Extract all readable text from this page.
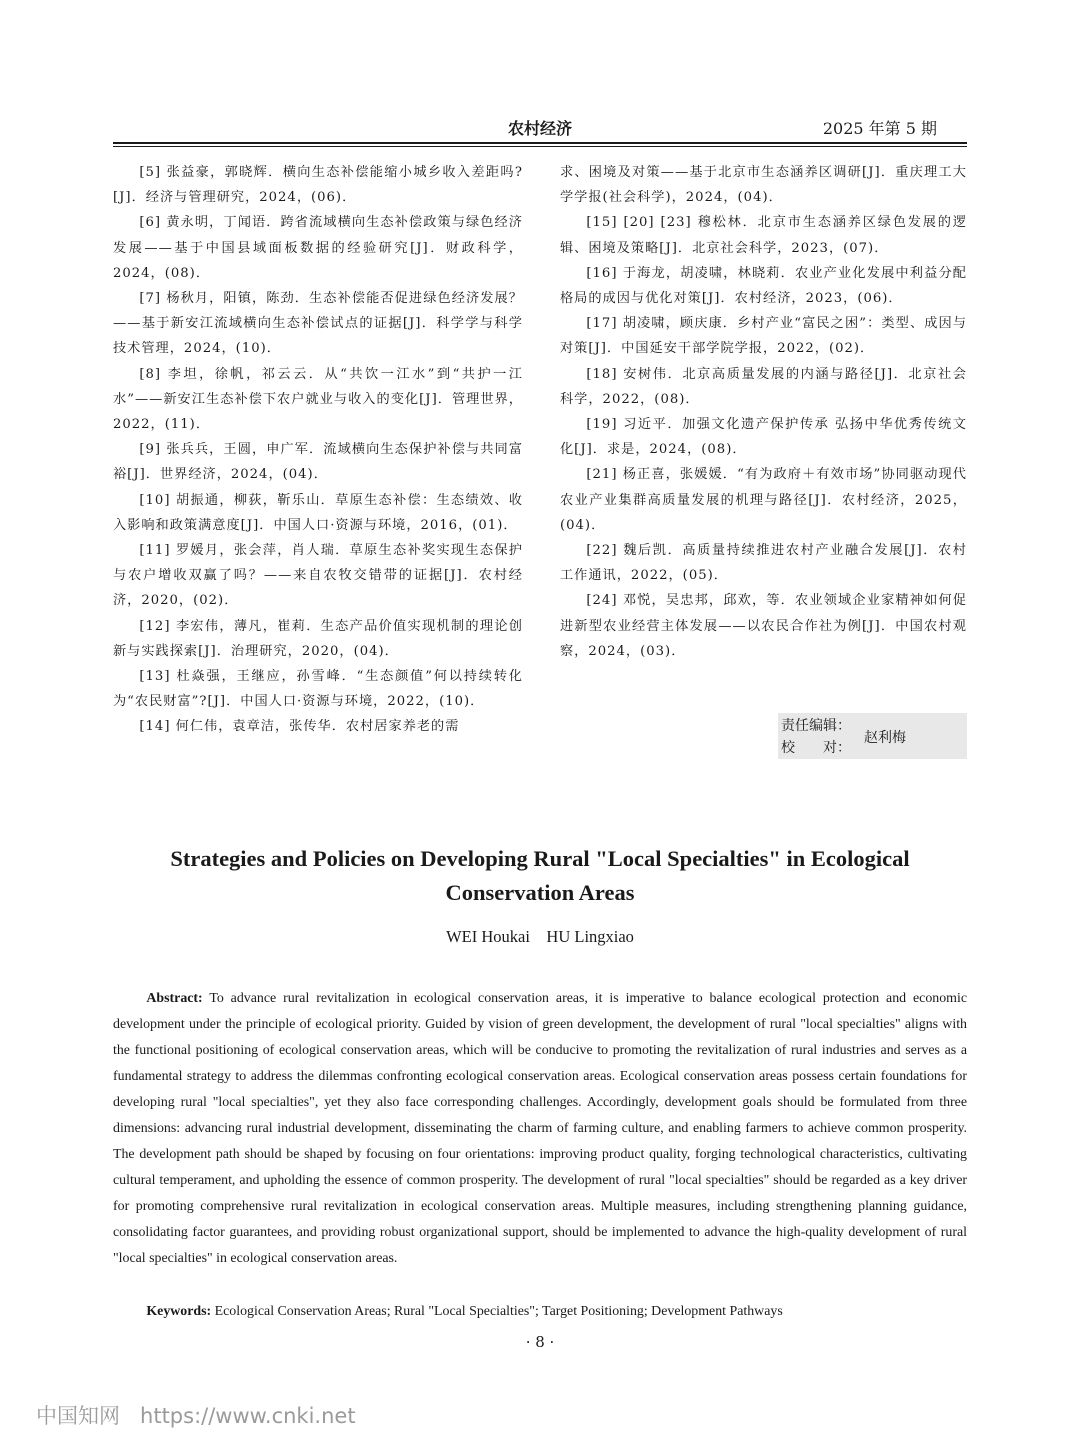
农村经济	2025 年第 5 期

[5] 张益豪，郭晓辉．横向生态补偿能缩小城乡收入差距吗?[J]．经济与管理研究，2024，(06)．

[6] 黄永明，丁闻语．跨省流域横向生态补偿政策与绿色经济发展——基于中国县域面板数据的经验研究[J]．财政科学，2024，(08)．

[7] 杨秋月，阳镇，陈劲．生态补偿能否促进绿色经济发展？——基于新安江流域横向生态补偿试点的证据[J]．科学学与科学技术管理，2024，(10)．

[8] 李坦，徐帆，祁云云．从“共饮一江水”到“共护一江水”——新安江生态补偿下农户就业与收入的变化[J]．管理世界，2022，(11)．

[9] 张兵兵，王圆，申广军．流域横向生态保护补偿与共同富裕[J]．世界经济，2024，(04)．

[10] 胡振通，柳荻，靳乐山．草原生态补偿：生态绩效、收入影响和政策满意度[J]．中国人口·资源与环境，2016，(01)．

[11] 罗媛月，张会萍，肖人瑞．草原生态补奖实现生态保护与农户增收双赢了吗？——来自农牧交错带的证据[J]．农村经济，2020，(02)．

[12] 李宏伟，薄凡，崔莉．生态产品价值实现机制的理论创新与实践探索[J]．治理研究，2020，(04)．

[13] 杜焱强，王继应，孙雪峰．“生态颜值”何以持续转化为“农民财富”?[J]．中国人口·资源与环境，2022，(10)．

[14] 何仁伟，袁章洁，张传华．农村居家养老的需

求、困境及对策——基于北京市生态涵养区调研[J]．重庆理工大学学报(社会科学)，2024，(04)．

[15] [20] [23] 穆松林．北京市生态涵养区绿色发展的逻辑、困境及策略[J]．北京社会科学，2023，(07)．

[16] 于海龙，胡凌啸，林晓莉．农业产业化发展中利益分配格局的成因与优化对策[J]．农村经济，2023，(06)．

[17] 胡凌啸，顾庆康．乡村产业“富民之困”：类型、成因与对策[J]．中国延安干部学院学报，2022，(02)．

[18] 安树伟．北京高质量发展的内涵与路径[J]．北京社会科学，2022，(08)．

[19] 习近平．加强文化遗产保护传承 弘扬中华优秀传统文化[J]．求是，2024，(08)．

[21] 杨正喜，张媛媛．“有为政府＋有效市场”协同驱动现代农业产业集群高质量发展的机理与路径[J]．农村经济，2025，(04)．

[22] 魏后凯．高质量持续推进农村产业融合发展[J]．农村工作通讯，2022，(05)．

[24] 邓悦，吴忠邦，邱欢，等．农业领域企业家精神如何促进新型农业经营主体发展——以农民合作社为例[J]．中国农村观察，2024，(03)．

责任编辑：
校　　对：
赵利梅
Strategies and Policies on Developing Rural "Local Specialties" in Ecological Conservation Areas
WEI Houkai    HU Lingxiao

Abstract: To advance rural revitalization in ecological conservation areas, it is imperative to balance ecological protection and economic development under the principle of ecological priority. Guided by vision of green development, the development of rural "local specialties" aligns with the functional positioning of ecological conservation areas, which will be conducive to promoting the revitalization of rural industries and serves as a fundamental strategy to address the dilemmas confronting ecological conservation areas. Ecological conservation areas possess certain foundations for developing rural "local specialties", yet they also face corresponding challenges. Accordingly, development goals should be formulated from three dimensions: advancing rural industrial development, disseminating the charm of farming culture, and enabling farmers to achieve common prosperity. The development path should be shaped by focusing on four orientations: improving product quality, forging technological characteristics, cultivating cultural temperament, and upholding the essence of common prosperity. The development of rural "local specialties" should be regarded as a key driver for promoting comprehensive rural revitalization in ecological conservation areas. Multiple measures, including strengthening planning guidance, consolidating factor guarantees, and providing robust organizational support, should be implemented to advance the high-quality development of rural "local specialties" in ecological conservation areas.

Keywords: Ecological Conservation Areas; Rural "Local Specialties"; Target Positioning; Development Pathways

· 8 ·
中国知网 https://www.cnki.net
